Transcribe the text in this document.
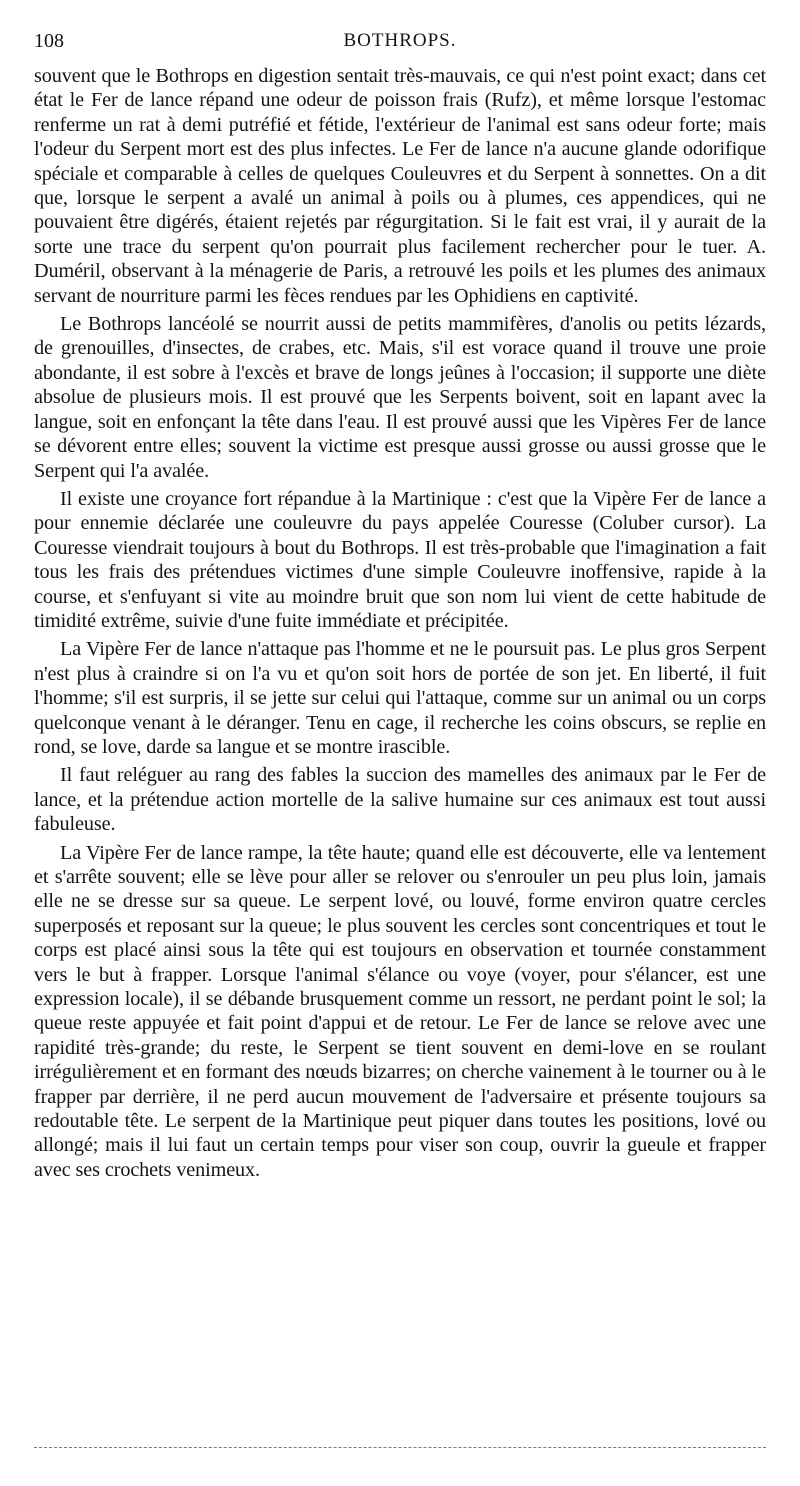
108	BOTHROPS.

souvent que le Bothrops en digestion sentait très-mauvais, ce qui n'est point exact; dans cet état le Fer de lance répand une odeur de poisson frais (Rufz), et même lorsque l'estomac renferme un rat à demi putréfié et fétide, l'extérieur de l'animal est sans odeur forte; mais l'odeur du Serpent mort est des plus infectes. Le Fer de lance n'a aucune glande odorifique spéciale et comparable à celles de quelques Couleuvres et du Serpent à sonnettes. On a dit que, lorsque le serpent a avalé un animal à poils ou à plumes, ces appendices, qui ne pouvaient être digérés, étaient rejetés par régurgitation. Si le fait est vrai, il y aurait de la sorte une trace du serpent qu'on pourrait plus facilement rechercher pour le tuer. A. Duméril, observant à la ménagerie de Paris, a retrouvé les poils et les plumes des animaux servant de nourriture parmi les fèces rendues par les Ophidiens en captivité.

Le Bothrops lancéolé se nourrit aussi de petits mammifères, d'anolis ou petits lézards, de grenouilles, d'insectes, de crabes, etc. Mais, s'il est vorace quand il trouve une proie abondante, il est sobre à l'excès et brave de longs jeûnes à l'occasion; il supporte une diète absolue de plusieurs mois. Il est prouvé que les Serpents boivent, soit en lapant avec la langue, soit en enfonçant la tête dans l'eau. Il est prouvé aussi que les Vipères Fer de lance se dévorent entre elles; souvent la victime est presque aussi grosse ou aussi grosse que le Serpent qui l'a avalée.

Il existe une croyance fort répandue à la Martinique : c'est que la Vipère Fer de lance a pour ennemie déclarée une couleuvre du pays appelée Couresse (Coluber cursor). La Couresse viendrait toujours à bout du Bothrops. Il est très-probable que l'imagination a fait tous les frais des prétendues victimes d'une simple Couleuvre inoffensive, rapide à la course, et s'enfuyant si vite au moindre bruit que son nom lui vient de cette habitude de timidité extrême, suivie d'une fuite immédiate et précipitée.

La Vipère Fer de lance n'attaque pas l'homme et ne le poursuit pas. Le plus gros Serpent n'est plus à craindre si on l'a vu et qu'on soit hors de portée de son jet. En liberté, il fuit l'homme; s'il est surpris, il se jette sur celui qui l'attaque, comme sur un animal ou un corps quelconque venant à le déranger. Tenu en cage, il recherche les coins obscurs, se replie en rond, se love, darde sa langue et se montre irascible.

Il faut reléguer au rang des fables la succion des mamelles des animaux par le Fer de lance, et la prétendue action mortelle de la salive humaine sur ces animaux est tout aussi fabuleuse.

La Vipère Fer de lance rampe, la tête haute; quand elle est découverte, elle va lentement et s'arrête souvent; elle se lève pour aller se relover ou s'enrouler un peu plus loin, jamais elle ne se dresse sur sa queue. Le serpent lové, ou louvé, forme environ quatre cercles superposés et reposant sur la queue; le plus souvent les cercles sont concentriques et tout le corps est placé ainsi sous la tête qui est toujours en observation et tournée constamment vers le but à frapper. Lorsque l'animal s'élance ou voye (voyer, pour s'élancer, est une expression locale), il se débande brusquement comme un ressort, ne perdant point le sol; la queue reste appuyée et fait point d'appui et de retour. Le Fer de lance se relove avec une rapidité très-grande; du reste, le Serpent se tient souvent en demi-love en se roulant irrégulièrement et en formant des nœuds bizarres; on cherche vainement à le tourner ou à le frapper par derrière, il ne perd aucun mouvement de l'adversaire et présente toujours sa redoutable tête. Le serpent de la Martinique peut piquer dans toutes les positions, lové ou allongé; mais il lui faut un certain temps pour viser son coup, ouvrir la gueule et frapper avec ses crochets venimeux.
